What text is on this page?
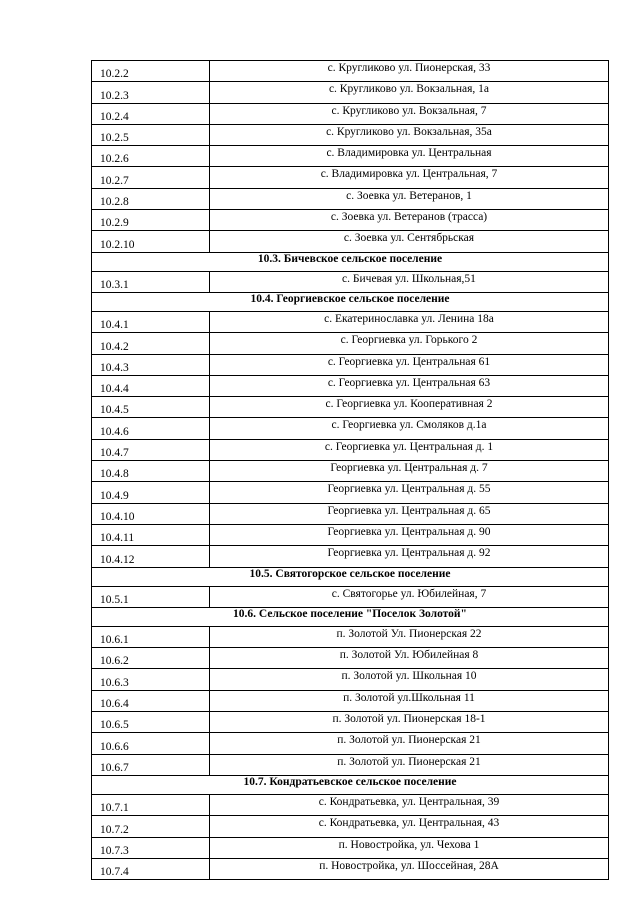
10.2.2	с. Кругликово ул. Пионерская, 33
10.2.3	с. Кругликово ул. Вокзальная, 1а
10.2.4	с. Кругликово ул. Вокзальная, 7
10.2.5	с. Кругликово ул. Вокзальная, 35а
10.2.6	с. Владимировка ул. Центральная
10.2.7	с. Владимировка ул. Центральная, 7
10.2.8	с. Зоевка ул. Ветеранов, 1
10.2.9	с. Зоевка ул. Ветеранов (трасса)
10.2.10	с. Зоевка ул. Сентябрьская
10.3. Бичевское сельское поселение	
10.3.1	с. Бичевая ул. Школьная,51
10.4. Георгиевское сельское поселение	
10.4.1	с. Екатеринославка ул. Ленина 18а
10.4.2	с. Георгиевка ул. Горького 2
10.4.3	с. Георгиевка ул. Центральная 61
10.4.4	с. Георгиевка ул. Центральная 63
10.4.5	с. Георгиевка ул. Кооперативная 2
10.4.6	с. Георгиевка ул. Смоляков д.1а
10.4.7	с. Георгиевка ул. Центральная д. 1
10.4.8	Георгиевка ул. Центральная д. 7
10.4.9	Георгиевка ул. Центральная д. 55
10.4.10	Георгиевка ул. Центральная д. 65
10.4.11	Георгиевка ул. Центральная д. 90
10.4.12	Георгиевка ул. Центральная д. 92
10.5. Святогорское сельское поселение	
10.5.1	с. Святогорье ул. Юбилейная, 7
10.6. Сельское поселение "Поселок Золотой"	
10.6.1	п. Золотой Ул. Пионерская 22
10.6.2	п. Золотой Ул. Юбилейная 8
10.6.3	п. Золотой ул. Школьная 10
10.6.4	п. Золотой ул.Школьная 11
10.6.5	п. Золотой ул. Пионерская 18-1
10.6.6	п. Золотой ул. Пионерская 21
10.6.7	п. Золотой ул. Пионерская 21
10.7. Кондратьевское сельское поселение	
10.7.1	с. Кондратьевка, ул. Центральная, 39
10.7.2	с. Кондратьевка, ул. Центральная, 43
10.7.3	п. Новостройка, ул. Чехова 1
10.7.4	п. Новостройка, ул. Шоссейная, 28А
